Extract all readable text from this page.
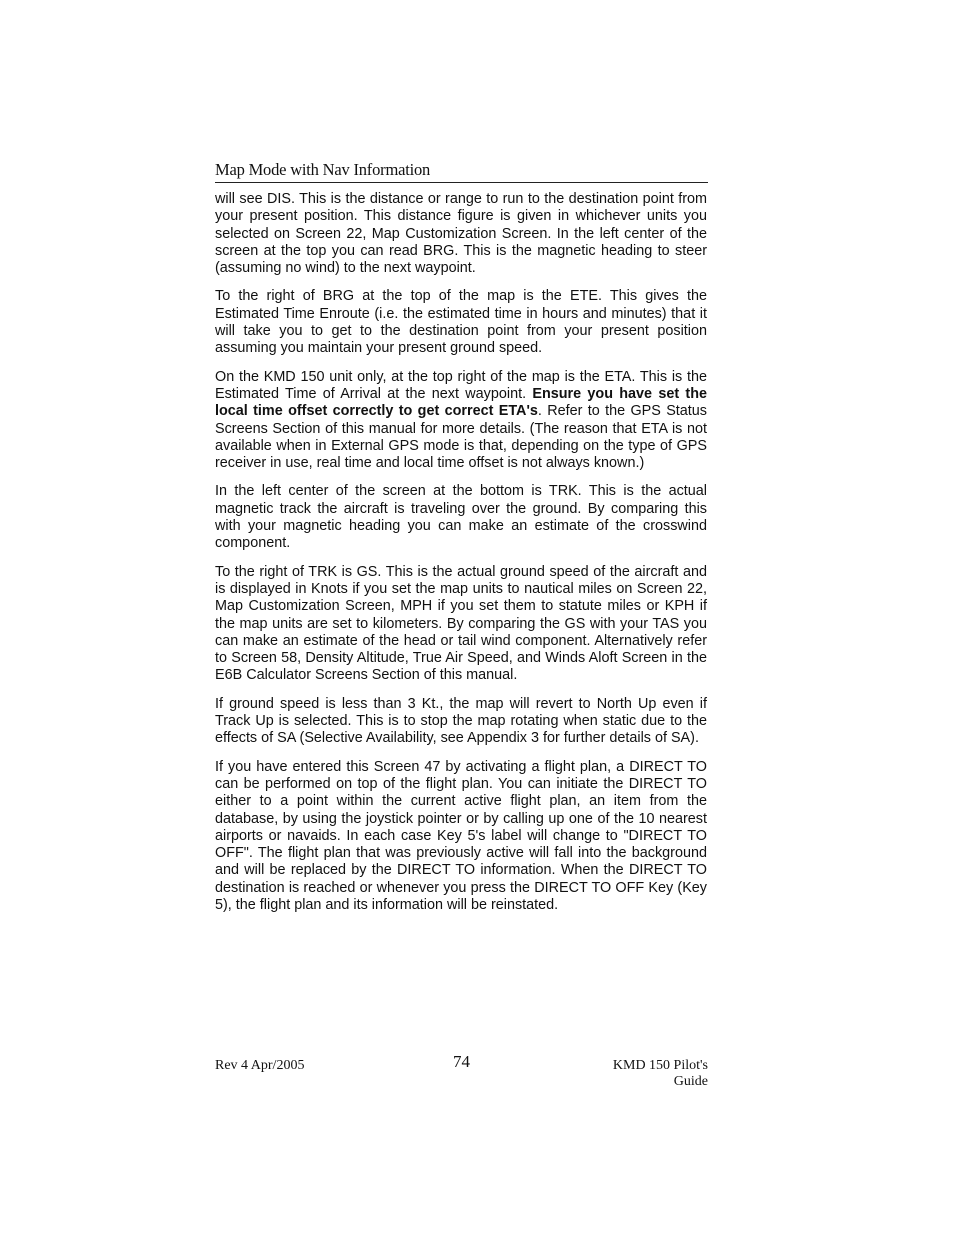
Map Mode with Nav Information

will see DIS. This is the distance or range to run to the destination point from your present position. This distance figure is given in whichever units you selected on Screen 22, Map Customization Screen. In the left center of the screen at the top you can read BRG. This is the magnetic heading to steer (assuming no wind) to the next waypoint.

To the right of BRG at the top of the map is the ETE. This gives the Estimated Time Enroute (i.e. the estimated time in hours and minutes) that it will take you to get to the destination point from your present position assuming you maintain your present ground speed.

On the KMD 150 unit only, at the top right of the map is the ETA. This is the Estimated Time of Arrival at the next waypoint. Ensure you have set the local time offset correctly to get correct ETA's. Refer to the GPS Status Screens Section of this manual for more details. (The reason that ETA is not available when in External GPS mode is that, depending on the type of GPS receiver in use, real time and local time offset is not always known.)

In the left center of the screen at the bottom is TRK. This is the actual magnetic track the aircraft is traveling over the ground. By comparing this with your magnetic heading you can make an estimate of the crosswind component.

To the right of TRK is GS. This is the actual ground speed of the aircraft and is displayed in Knots if you set the map units to nautical miles on Screen 22, Map Customization Screen, MPH if you set them to statute miles or KPH if the map units are set to kilometers. By comparing the GS with your TAS you can make an estimate of the head or tail wind component. Alternatively refer to Screen 58, Density Altitude, True Air Speed, and Winds Aloft Screen in the E6B Calculator Screens Section of this manual.

If ground speed is less than 3 Kt., the map will revert to North Up even if Track Up is selected. This is to stop the map rotating when static due to the effects of SA (Selective Availability, see Appendix 3 for further details of SA).

If you have entered this Screen 47 by activating a flight plan, a DIRECT TO can be performed on top of the flight plan. You can initiate the DIRECT TO either to a point within the current active flight plan, an item from the database, by using the joystick pointer or by calling up one of the 10 nearest airports or navaids. In each case Key 5's label will change to "DIRECT TO OFF". The flight plan that was previously active will fall into the background and will be replaced by the DIRECT TO information. When the DIRECT TO destination is reached or whenever you press the DIRECT TO OFF Key (Key 5), the flight plan and its information will be reinstated.

Rev 4 Apr/2005	74	KMD 150 Pilot's Guide
